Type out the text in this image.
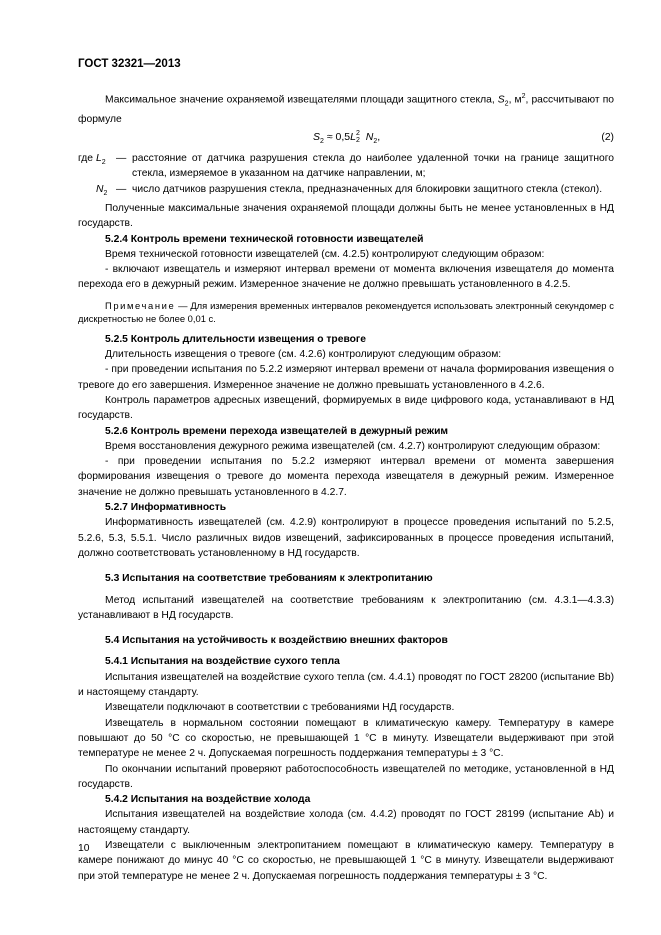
ГОСТ 32321—2013

Максимальное значение охраняемой извещателями площади защитного стекла, $S_2$, $м^2$, рассчитывают по формуле

$S_2 \approx 0,5L$ 2
2 $N_2$,	(2)
где $L_2$	— расстояние от датчика разрушения стекла до наиболее удаленной точки на границе защитного стекла, измеряемое в указанном на датчике направлении, м;
$N_2$ — число датчиков разрушения стекла, предназначенных для блокировки защитного стекла (стекол).

Полученные максимальные значения охраняемой площади должны быть не менее установленных в НД государств.

5.2.4 Контроль времени технической готовности извещателей

Время технической готовности извещателей (см. 4.2.5) контролируют следующим образом:

- включают извещатель и измеряют интервал времени от момента включения извещателя до момента перехода его в дежурный режим. Измеренное значение не должно превышать установленного в 4.2.5.

Примечание — Для измерения временных интервалов рекомендуется использовать электронный секундомер с дискретностью не более 0,01 с.

5.2.5 Контроль длительности извещения о тревоге

Длительность извещения о тревоге (см. 4.2.6) контролируют следующим образом:

- при проведении испытания по 5.2.2 измеряют интервал времени от начала формирования извещения о тревоге до его завершения. Измеренное значение не должно превышать установленного в 4.2.6.

Контроль параметров адресных извещений, формируемых в виде цифрового кода, устанавливают в НД государств.

5.2.6 Контроль времени перехода извещателей в дежурный режим

Время восстановления дежурного режима извещателей (см. 4.2.7) контролируют следующим образом:

- при проведении испытания по 5.2.2 измеряют интервал времени от момента завершения формирования извещения о тревоге до момента перехода извещателя в дежурный режим. Измеренное значение не должно превышать установленного в 4.2.7.

5.2.7 Информативность

Информативность извещателей (см. 4.2.9) контролируют в процессе проведения испытаний по 5.2.5, 5.2.6, 5.3, 5.5.1. Число различных видов извещений, зафиксированных в процессе проведения испытаний, должно соответствовать установленному в НД государств.

5.3 Испытания на соответствие требованиям к электропитанию

Метод испытаний извещателей на соответствие требованиям к электропитанию (см. 4.3.1—4.3.3) устанавливают в НД государств.

5.4 Испытания на устойчивость к воздействию внешних факторов

5.4.1 Испытания на воздействие сухого тепла

Испытания извещателей на воздействие сухого тепла (см. 4.4.1) проводят по ГОСТ 28200 (испытание Bb) и настоящему стандарту.

Извещатели подключают в соответствии с требованиями НД государств.

Извещатель в нормальном состоянии помещают в климатическую камеру. Температуру в камере повышают до 50 °С со скоростью, не превышающей 1 °С в минуту. Извещатели выдерживают при этой температуре не менее 2 ч. Допускаемая погрешность поддержания температуры ± 3 °С.

По окончании испытаний проверяют работоспособность извещателей по методике, установленной в НД государств.

5.4.2 Испытания на воздействие холода

Испытания извещателей на воздействие холода (см. 4.4.2) проводят по ГОСТ 28199 (испытание Ab) и настоящему стандарту.

Извещатели с выключенным электропитанием помещают в климатическую камеру. Температуру в камере понижают до минус 40 °С со скоростью, не превышающей 1 °С в минуту. Извещатели выдерживают при этой температуре не менее 2 ч. Допускаемая погрешность поддержания температуры ± 3 °С.

10
